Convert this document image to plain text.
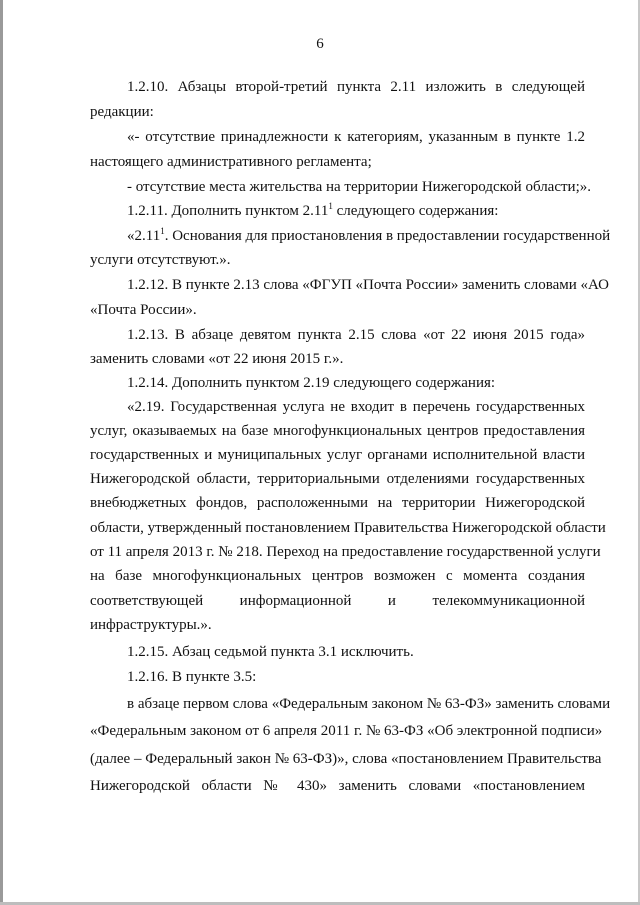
6
1.2.10. Абзацы второй-третий пункта 2.11 изложить в следующей
редакции:
«- отсутствие принадлежности к категориям, указанным в пункте 1.2
настоящего административного регламента;
- отсутствие места жительства на территории Нижегородской области;».
1.2.11. Дополнить пунктом 2.11$^1$ следующего содержания:
«2.11$^1$. Основания для приостановления в предоставлении государственной
услуги отсутствуют.».
1.2.12. В пункте 2.13 слова «ФГУП «Почта России» заменить словами «АО
«Почта России».
1.2.13. В абзаце девятом пункта 2.15 слова «от 22 июня 2015 года»
заменить словами «от 22 июня 2015 г.».
1.2.14. Дополнить пунктом 2.19 следующего содержания:
«2.19. Государственная услуга не входит в перечень государственных
услуг, оказываемых на базе многофункциональных центров предоставления
государственных и муниципальных услуг органами исполнительной власти
Нижегородской области, территориальными отделениями государственных
внебюджетных фондов, расположенными на территории Нижегородской
области, утвержденный постановлением Правительства Нижегородской области
от 11 апреля 2013 г. № 218. Переход на предоставление государственной услуги
на базе многофункциональных центров возможен с момента создания
соответствующей информационной и телекоммуникационной
инфраструктуры.».
1.2.15. Абзац седьмой пункта 3.1 исключить.
1.2.16. В пункте 3.5:
в абзаце первом слова «Федеральным законом № 63-ФЗ» заменить словами
«Федеральным законом от 6 апреля 2011 г. № 63-ФЗ «Об электронной подписи»
(далее – Федеральный закон № 63-ФЗ)», слова «постановлением Правительства
Нижегородской области № 430» заменить словами «постановлением
